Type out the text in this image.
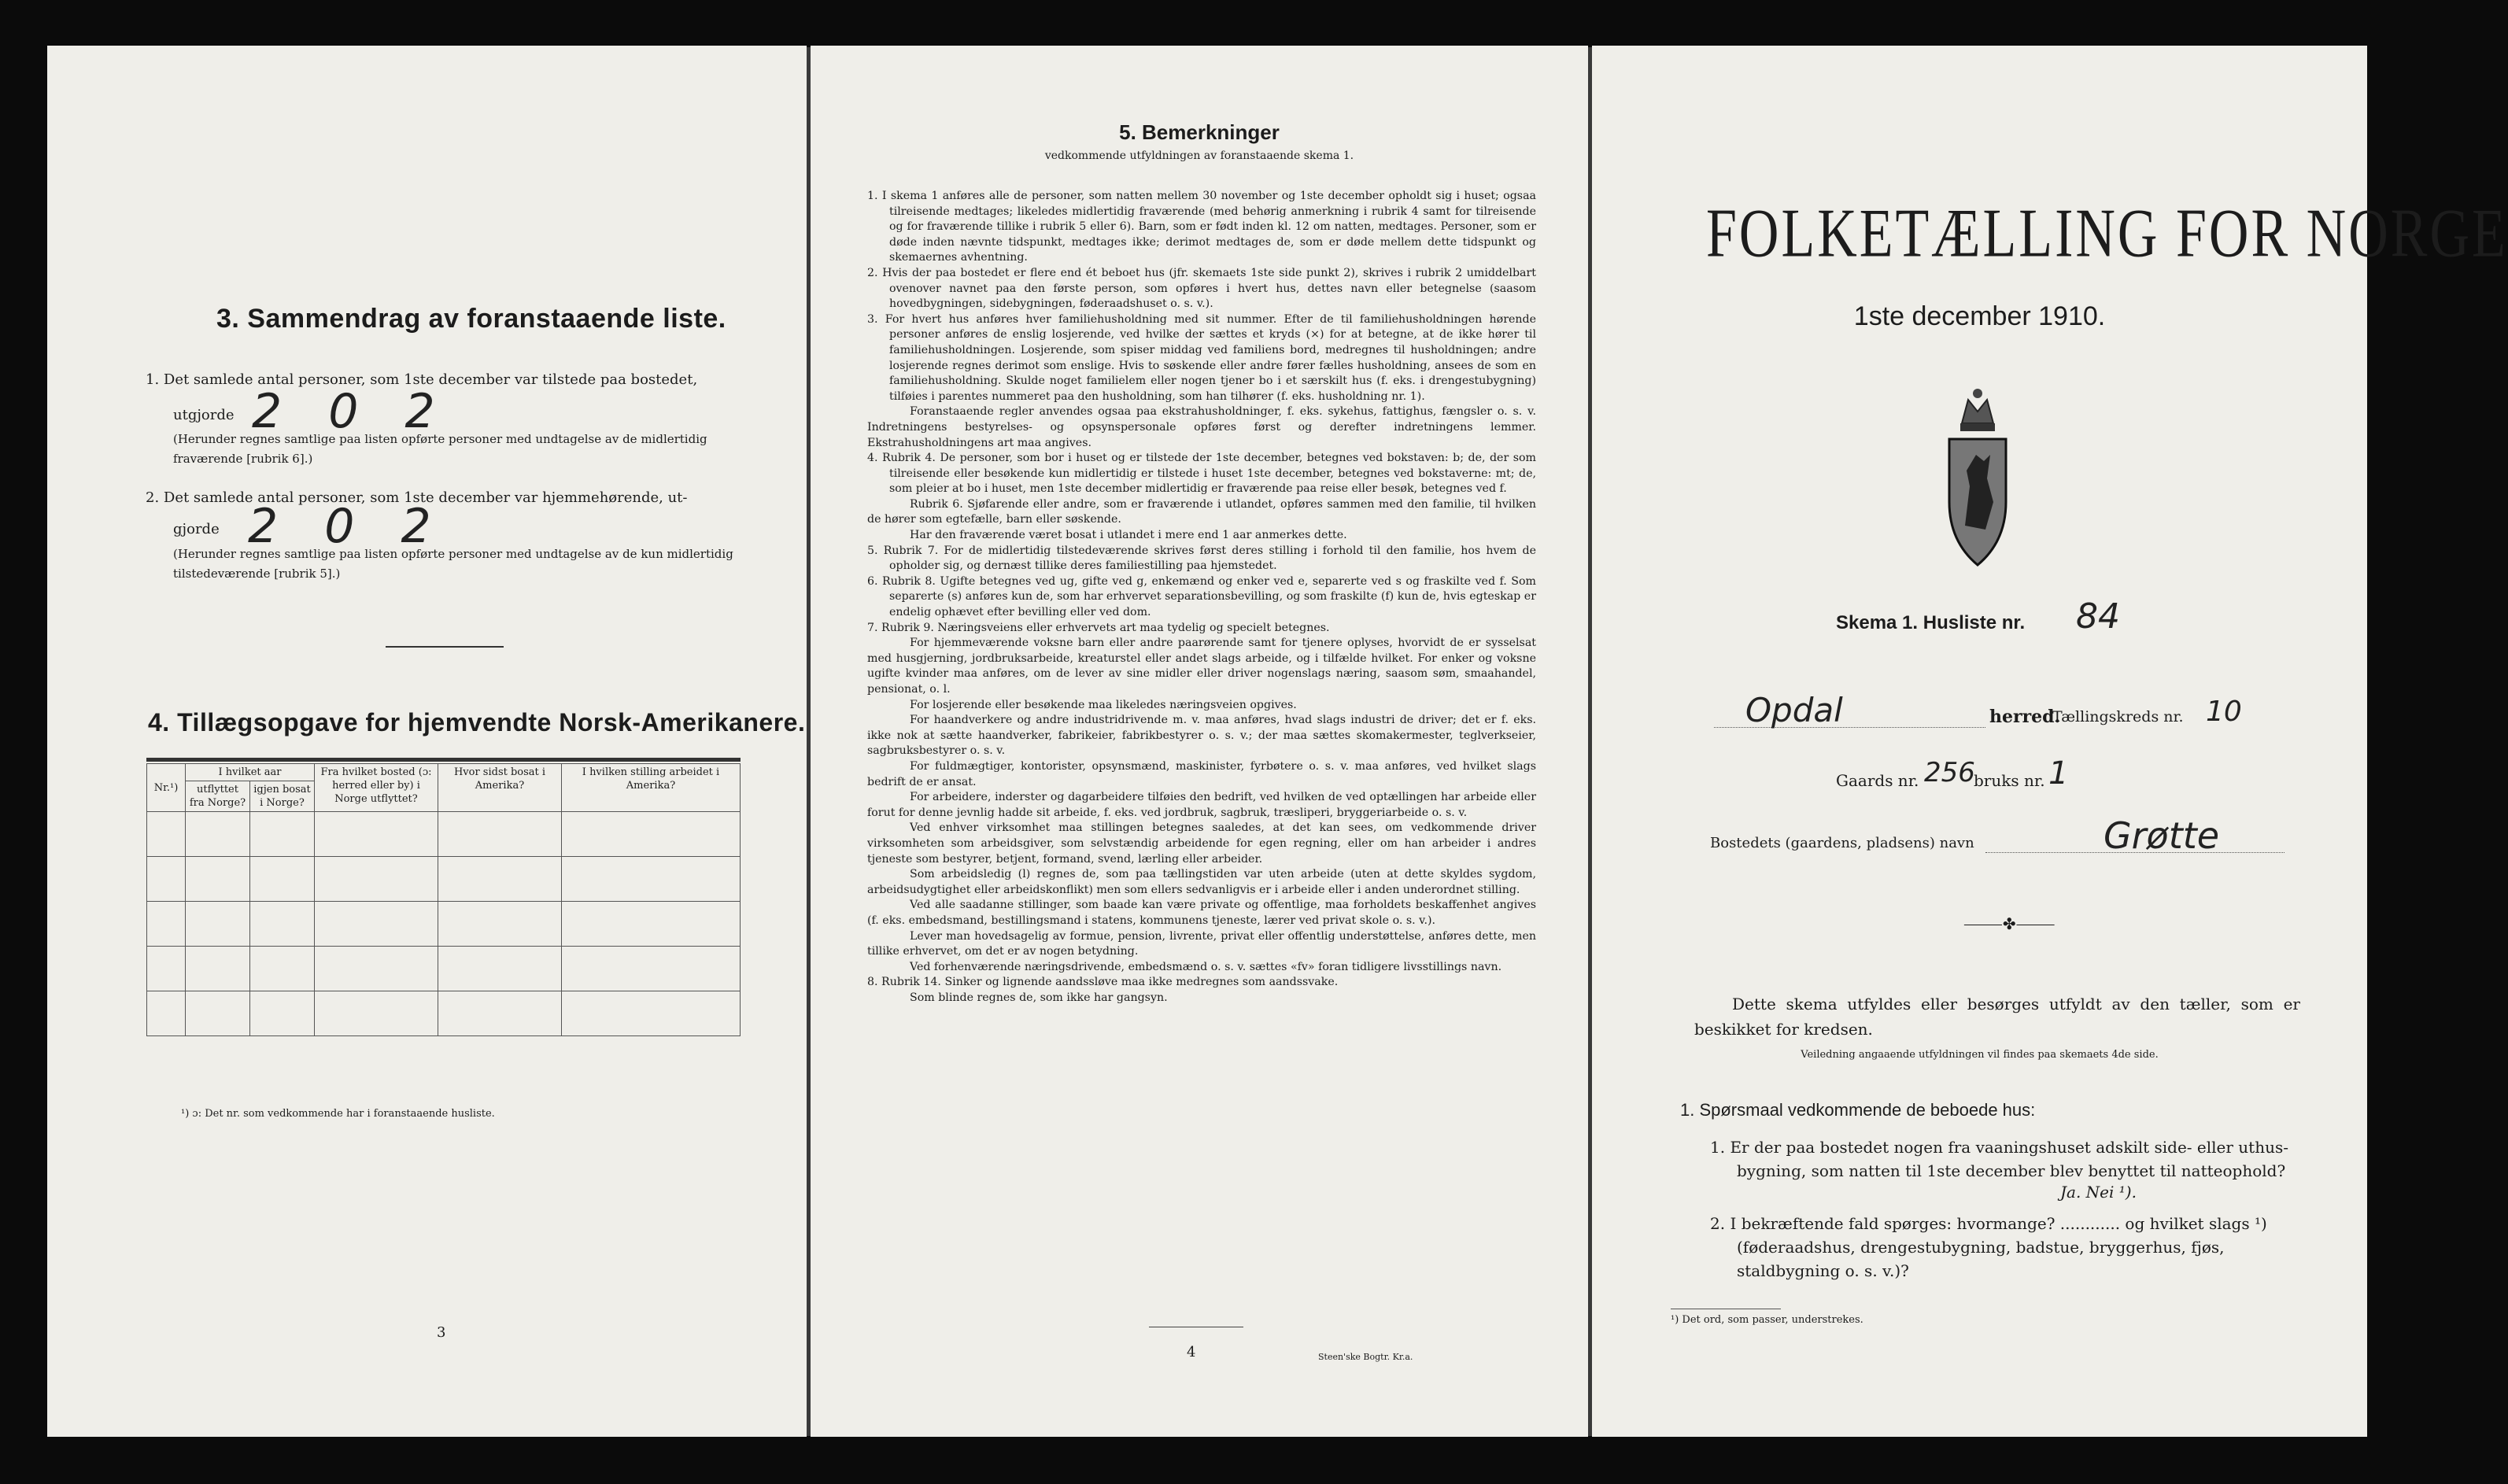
3. Sammendrag av foranstaaende liste.
1. Det samlede antal personer, som 1ste december var tilstede paa bostedet,
utgjorde 2 0 2
(Herunder regnes samtlige paa listen opførte personer med undtagelse av de midlertidig fraværende [rubrik 6].)
2. Det samlede antal personer, som 1ste december var hjemmehørende, ut-
gjorde 2 0 2
(Herunder regnes samtlige paa listen opførte personer med undtagelse av de kun midlertidig tilstedeværende [rubrik 5].)
4. Tillægsopgave for hjemvendte Norsk-Amerikanere.
Nr.¹)	I hvilket aar		Fra hvilket bosted (ɔ: herred eller by) i Norge utflyttet?	Hvor sidst bosat i Amerika?	I hvilken stilling arbeidet i Amerika?
	utflyttet fra Norge?	igjen bosat i Norge?			

¹) ɔ: Det nr. som vedkommende har i foranstaaende husliste.
3
5. Bemerkninger
vedkommende utfyldningen av foranstaaende skema 1.

1. I skema 1 anføres alle de personer, som natten mellem 30 november og 1ste december opholdt sig i huset; ogsaa tilreisende medtages; likeledes midlertidig fraværende (med behørig anmerkning i rubrik 4 samt for tilreisende og for fraværende tillike i rubrik 5 eller 6). Barn, som er født inden kl. 12 om natten, medtages. Personer, som er døde inden nævnte tidspunkt, medtages ikke; derimot medtages de, som er døde mellem dette tidspunkt og skemaernes avhentning.

2. Hvis der paa bostedet er flere end ét beboet hus (jfr. skemaets 1ste side punkt 2), skrives i rubrik 2 umiddelbart ovenover navnet paa den første person, som opføres i hvert hus, dettes navn eller betegnelse (saasom hovedbygningen, sidebygningen, føderaadshuset o. s. v.).

3. For hvert hus anføres hver familiehusholdning med sit nummer. Efter de til familiehusholdningen hørende personer anføres de enslig losjerende, ved hvilke der sættes et kryds (×) for at betegne, at de ikke hører til familiehusholdningen. Losjerende, som spiser middag ved familiens bord, medregnes til husholdningen; andre losjerende regnes derimot som enslige. Hvis to søskende eller andre fører fælles husholdning, ansees de som en familiehusholdning. Skulde noget familielem eller nogen tjener bo i et særskilt hus (f. eks. i drengestubygning) tilføies i parentes nummeret paa den husholdning, som han tilhører (f. eks. husholdning nr. 1).

Foranstaaende regler anvendes ogsaa paa ekstrahusholdninger, f. eks. sykehus, fattighus, fængsler o. s. v. Indretningens bestyrelses- og opsynspersonale opføres først og derefter indretningens lemmer. Ekstrahusholdningens art maa angives.

4. Rubrik 4. De personer, som bor i huset og er tilstede der 1ste december, betegnes ved bokstaven: b; de, der som tilreisende eller besøkende kun midlertidig er tilstede i huset 1ste december, betegnes ved bokstaverne: mt; de, som pleier at bo i huset, men 1ste december midlertidig er fraværende paa reise eller besøk, betegnes ved f.

Rubrik 6. Sjøfarende eller andre, som er fraværende i utlandet, opføres sammen med den familie, til hvilken de hører som egtefælle, barn eller søskende.

Har den fraværende været bosat i utlandet i mere end 1 aar anmerkes dette.

5. Rubrik 7. For de midlertidig tilstedeværende skrives først deres stilling i forhold til den familie, hos hvem de opholder sig, og dernæst tillike deres familiestilling paa hjemstedet.

6. Rubrik 8. Ugifte betegnes ved ug, gifte ved g, enkemænd og enker ved e, separerte ved s og fraskilte ved f. Som separerte (s) anføres kun de, som har erhvervet separationsbevilling, og som fraskilte (f) kun de, hvis egteskap er endelig ophævet efter bevilling eller ved dom.

7. Rubrik 9. Næringsveiens eller erhvervets art maa tydelig og specielt betegnes.

For hjemmeværende voksne barn eller andre paarørende samt for tjenere oplyses, hvorvidt de er sysselsat med husgjerning, jordbruksarbeide, kreaturstel eller andet slags arbeide, og i tilfælde hvilket. For enker og voksne ugifte kvinder maa anføres, om de lever av sine midler eller driver nogenslags næring, saasom søm, smaahandel, pensionat, o. l.

For losjerende eller besøkende maa likeledes næringsveien opgives.

For haandverkere og andre industridrivende m. v. maa anføres, hvad slags industri de driver; det er f. eks. ikke nok at sætte haandverker, fabrikeier, fabrikbestyrer o. s. v.; der maa sættes skomakermester, teglverkseier, sagbruksbestyrer o. s. v.

For fuldmægtiger, kontorister, opsynsmænd, maskinister, fyrbøtere o. s. v. maa anføres, ved hvilket slags bedrift de er ansat.

For arbeidere, inderster og dagarbeidere tilføies den bedrift, ved hvilken de ved optællingen har arbeide eller forut for denne jevnlig hadde sit arbeide, f. eks. ved jordbruk, sagbruk, træsliperi, bryggeriarbeide o. s. v.

Ved enhver virksomhet maa stillingen betegnes saaledes, at det kan sees, om vedkommende driver virksomheten som arbeidsgiver, som selvstændig arbeidende for egen regning, eller om han arbeider i andres tjeneste som bestyrer, betjent, formand, svend, lærling eller arbeider.

Som arbeidsledig (l) regnes de, som paa tællingstiden var uten arbeide (uten at dette skyldes sygdom, arbeidsudygtighet eller arbeidskonflikt) men som ellers sedvanligvis er i arbeide eller i anden underordnet stilling.

Ved alle saadanne stillinger, som baade kan være private og offentlige, maa forholdets beskaffenhet angives (f. eks. embedsmand, bestillingsmand i statens, kommunens tjeneste, lærer ved privat skole o. s. v.).

Lever man hovedsagelig av formue, pension, livrente, privat eller offentlig understøttelse, anføres dette, men tillike erhvervet, om det er av nogen betydning.

Ved forhenværende næringsdrivende, embedsmænd o. s. v. sættes «fv» foran tidligere livsstillings navn.

8. Rubrik 14. Sinker og lignende aandssløve maa ikke medregnes som aandssvake.

Som blinde regnes de, som ikke har gangsyn.

4	Steen'ske Bogtr. Kr.a.
FOLKETÆLLING FOR NORGE
1ste december 1910.
Skema 1. Husliste nr. 84
Opdal	herred.
Tællingskreds nr. 10
Gaards nr. 256
bruks nr. 1
Bostedets (gaardens, pladsens) navn	Grøtte
⸻✤⸻
Dette skema utfyldes eller besørges utfyldt av den tæller, som er beskikket for kredsen.
Veiledning angaaende utfyldningen vil findes paa skemaets 4de side.
1. Spørsmaal vedkommende de beboede hus:
1. Er der paa bostedet nogen fra vaaningshuset adskilt side- eller uthus-bygning, som natten til 1ste december blev benyttet til natteophold?
Ja. Nei ¹).
2. I bekræftende fald spørges: hvormange? ............ og hvilket slags ¹) (føderaadshus, drengestubygning, badstue, bryggerhus, fjøs, staldbygning o. s. v.)?
¹) Det ord, som passer, understrekes.
